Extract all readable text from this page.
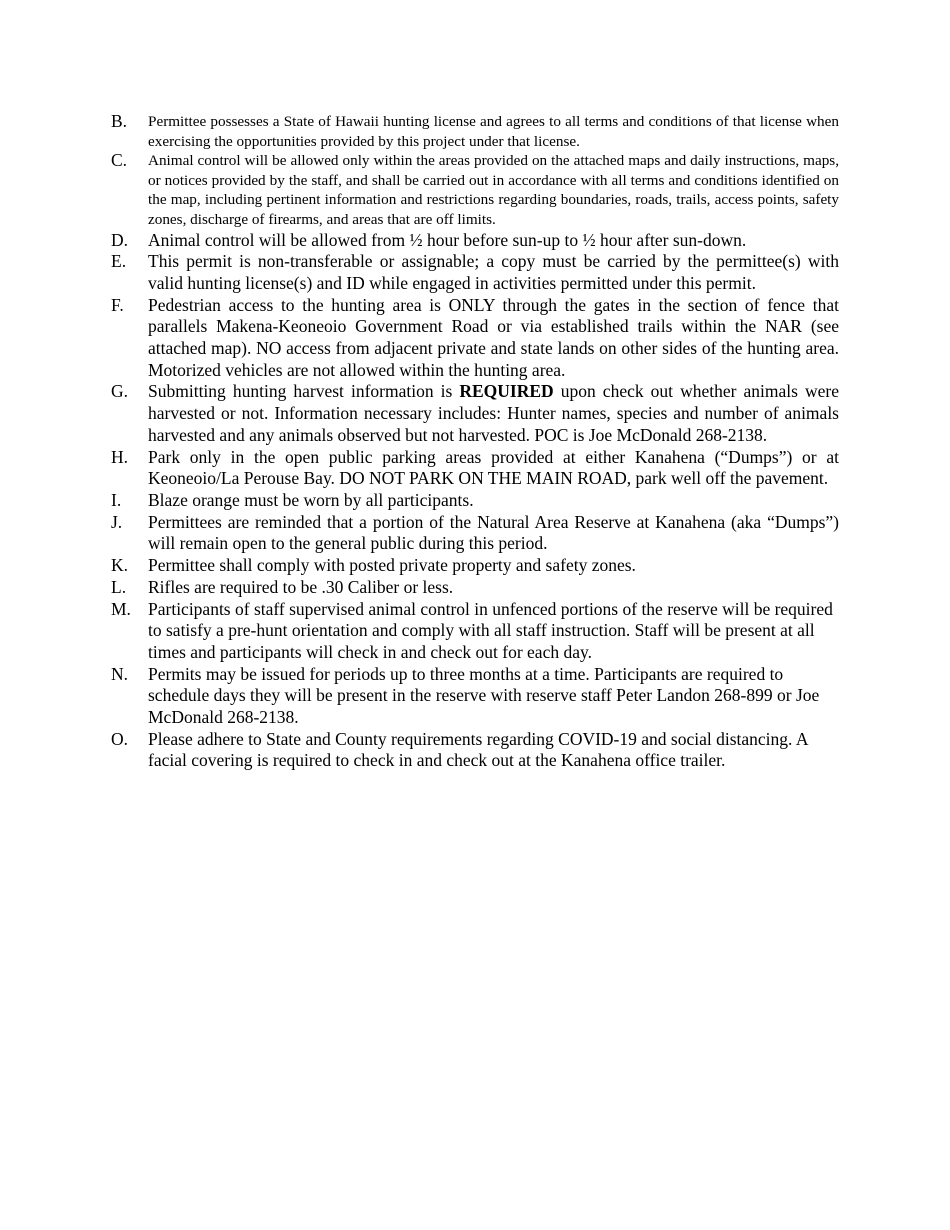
B.	Permittee possesses a State of Hawaii hunting license and agrees to all terms and conditions of that license when exercising the opportunities provided by this project under that license.
C.	Animal control will be allowed only within the areas provided on the attached maps and daily instructions, maps, or notices provided by the staff, and shall be carried out in accordance with all terms and conditions identified on the map, including pertinent information and restrictions regarding boundaries, roads, trails, access points, safety zones, discharge of firearms, and areas that are off limits.
D.	Animal control will be allowed from ½ hour before sun-up to ½ hour after sun-down.
E.	This permit is non-transferable or assignable; a copy must be carried by the permittee(s) with valid hunting license(s) and ID while engaged in activities permitted under this permit.
F.	Pedestrian access to the hunting area is ONLY through the gates in the section of fence that parallels Makena-Keoneoio Government Road or via established trails within the NAR (see attached map). NO access from adjacent private and state lands on other sides of the hunting area. Motorized vehicles are not allowed within the hunting area.
G.	Submitting hunting harvest information is REQUIRED upon check out whether animals were harvested or not. Information necessary includes: Hunter names, species and number of animals harvested and any animals observed but not harvested. POC is Joe McDonald 268-2138.
H.	Park only in the open public parking areas provided at either Kanahena (“Dumps”) or at Keoneoio/La Perouse Bay. DO NOT PARK ON THE MAIN ROAD, park well off the pavement.
I.	Blaze orange must be worn by all participants.
J.	Permittees are reminded that a portion of the Natural Area Reserve at Kanahena (aka “Dumps”) will remain open to the general public during this period.
K.	Permittee shall comply with posted private property and safety zones.
L.	Rifles are required to be .30 Caliber or less.
M. Participants of staff supervised animal control in unfenced portions of the reserve will be required to satisfy a pre-hunt orientation and comply with all staff instruction. Staff will be present at all times and participants will check in and check out for each day.
N.	Permits may be issued for periods up to three months at a time. Participants are required to schedule days they will be present in the reserve with reserve staff Peter Landon 268-899 or Joe McDonald 268-2138.
O.	Please adhere to State and County requirements regarding COVID-19 and social distancing. A facial covering is required to check in and check out at the Kanahena office trailer.
